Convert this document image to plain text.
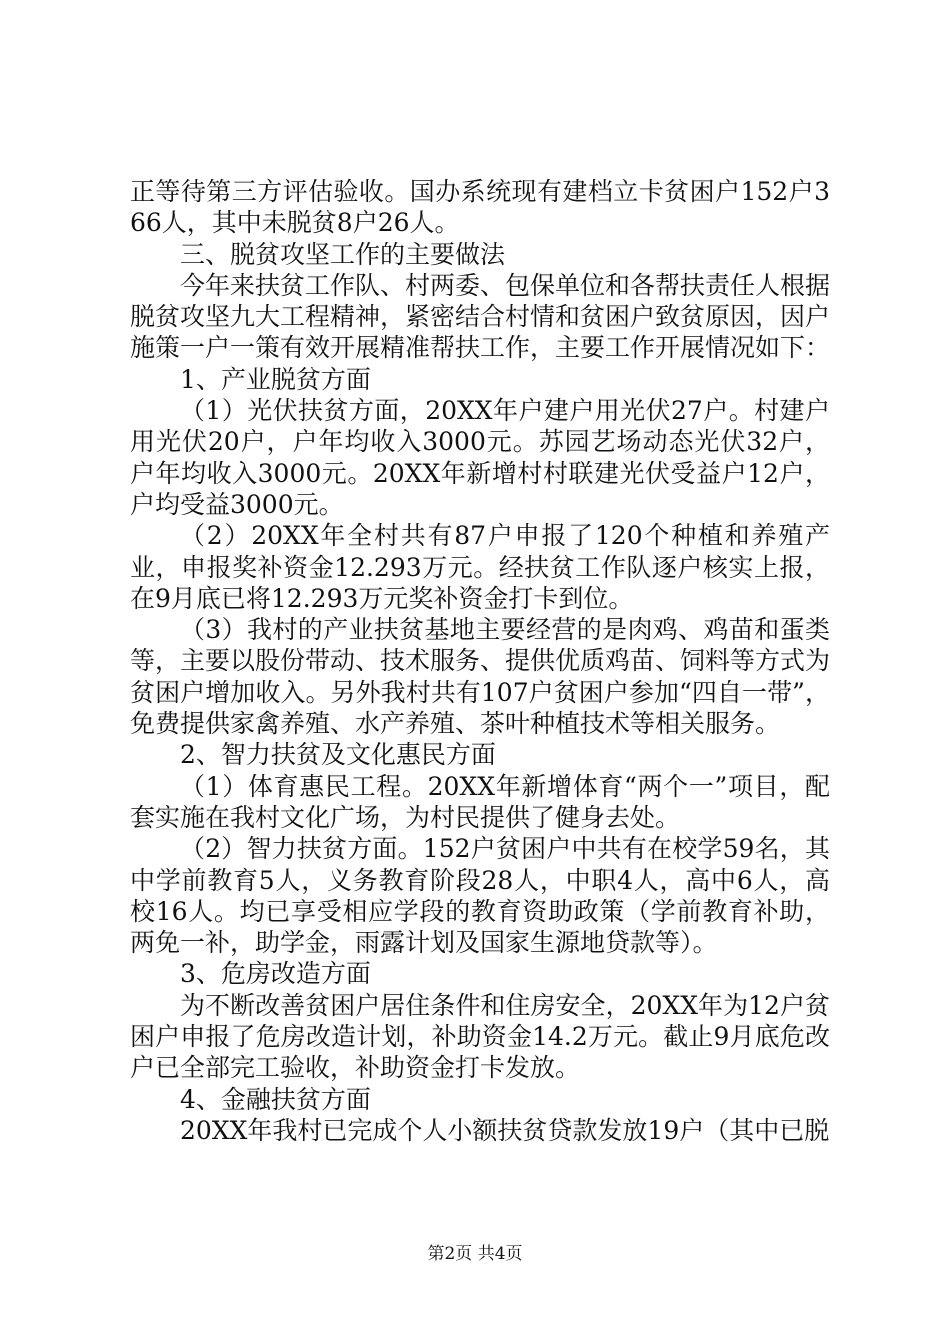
正等待第三方评估验收。国办系统现有建档立卡贫困户152户366人，其中未脱贫8户26人。

三、脱贫攻坚工作的主要做法

今年来扶贫工作队、村两委、包保单位和各帮扶责任人根据脱贫攻坚九大工程精神，紧密结合村情和贫困户致贫原因，因户施策一户一策有效开展精准帮扶工作，主要工作开展情况如下：

1、产业脱贫方面

（1）光伏扶贫方面，20XX年户建户用光伏27户。村建户用光伏20户，户年均收入3000元。苏园艺场动态光伏32户，户年均收入3000元。20XX年新增村村联建光伏受益户12户，户均受益3000元。

（2）20XX年全村共有87户申报了120个种植和养殖产业，申报奖补资金12.293万元。经扶贫工作队逐户核实上报，在9月底已将12.293万元奖补资金打卡到位。

（3）我村的产业扶贫基地主要经营的是肉鸡、鸡苗和蛋类等，主要以股份带动、技术服务、提供优质鸡苗、饲料等方式为贫困户增加收入。另外我村共有107户贫困户参加“四自一带”，免费提供家禽养殖、水产养殖、茶叶种植技术等相关服务。

2、智力扶贫及文化惠民方面

（1）体育惠民工程。20XX年新增体育“两个一”项目，配套实施在我村文化广场，为村民提供了健身去处。

（2）智力扶贫方面。152户贫困户中共有在校学59名，其中学前教育5人，义务教育阶段28人，中职4人，高中6人，高校16人。均已享受相应学段的教育资助政策（学前教育补助，两免一补，助学金，雨露计划及国家生源地贷款等）。

3、危房改造方面

为不断改善贫困户居住条件和住房安全，20XX年为12户贫困户申报了危房改造计划，补助资金14.2万元。截止9月底危改户已全部完工验收，补助资金打卡发放。

4、金融扶贫方面

20XX年我村已完成个人小额扶贫贷款发放19户（其中已脱

第2页 共4页
